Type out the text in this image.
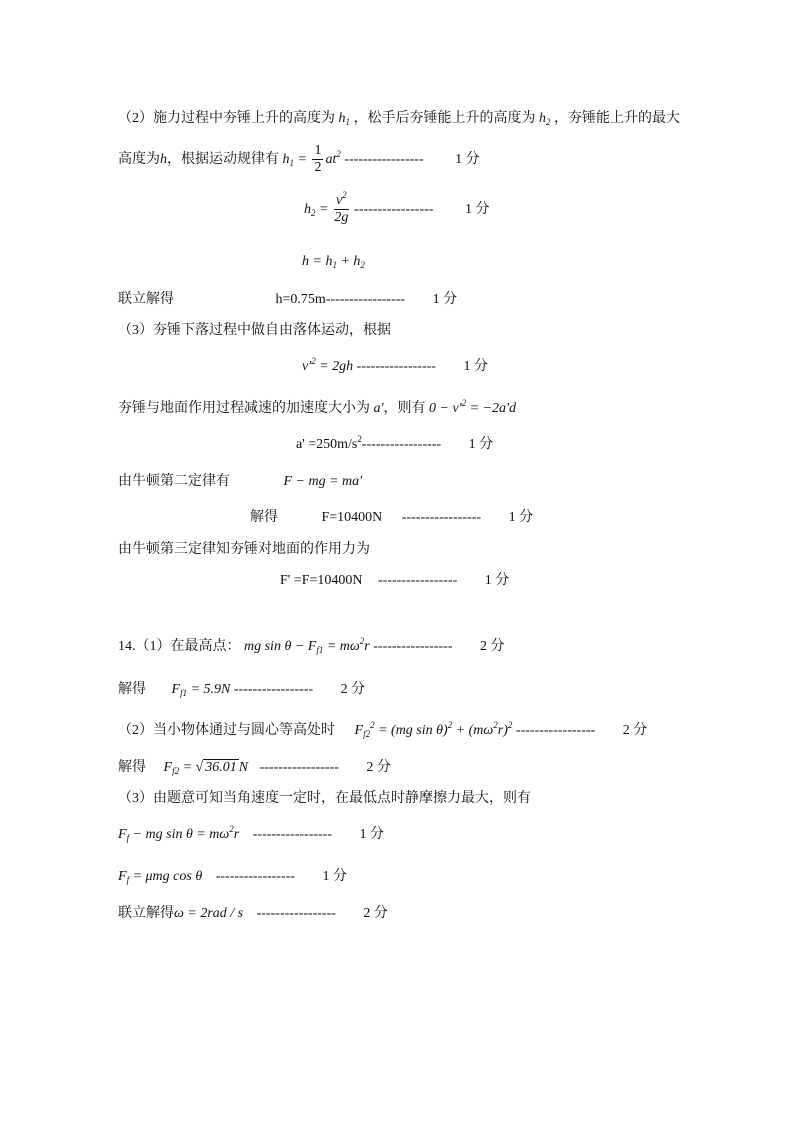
（2）施力过程中夯锤上升的高度为 $h_1$ ，松手后夯锤能上升的高度为 $h_2$ ，夯锤能上升的最大
高度为h，根据运动规律有 $h_1 = \frac{1}{2} at^2$ ----------------- 1 分
$h_2 = \frac{v^2}{2g}$ ----------------- 1 分
$h = h_1 + h_2$
联立解得	h=0.75m----------------- 1 分
（3）夯锤下落过程中做自由落体运动，根据
$v'^2 = 2gh$ ----------------- 1 分
夯锤与地面作用过程减速的加速度大小为 a'，则有 $0 - v'^2 = -2a'd$
$a' =250m/s^2-----------------$ 1 分
由牛顿第二定律有	F − mg = ma'
解得	F=10400N ----------------- 1 分
由牛顿第三定律知夯锤对地面的作用力为
F' =F=10400N ----------------- 1 分
14.（1）在最高点： mg $\sin \theta - F_{f1} = m\omega^2r$ ----------------- 2 分
解得 $F_{f1} = 5.9N$ ----------------- 2 分
（2）当小物体通过与圆心等高处时 $F_{f2}^2 = (mg$ $\sin \theta)^2 + (m\omega^2r)^2$ ----------------- 2 分
解得 $F_{f2}$ = √ 36.01 N ----------------- 2 分
（3）由题意可知当角速度一定时，在最低点时静摩擦力最大，则有
$F_f$ − mg $\sin \theta = m\omega^2r$ ----------------- 1 分
$F_f = \mu mg$ cos θ ----------------- 1 分
联立解得ω = 2rad / s ----------------- 2 分
